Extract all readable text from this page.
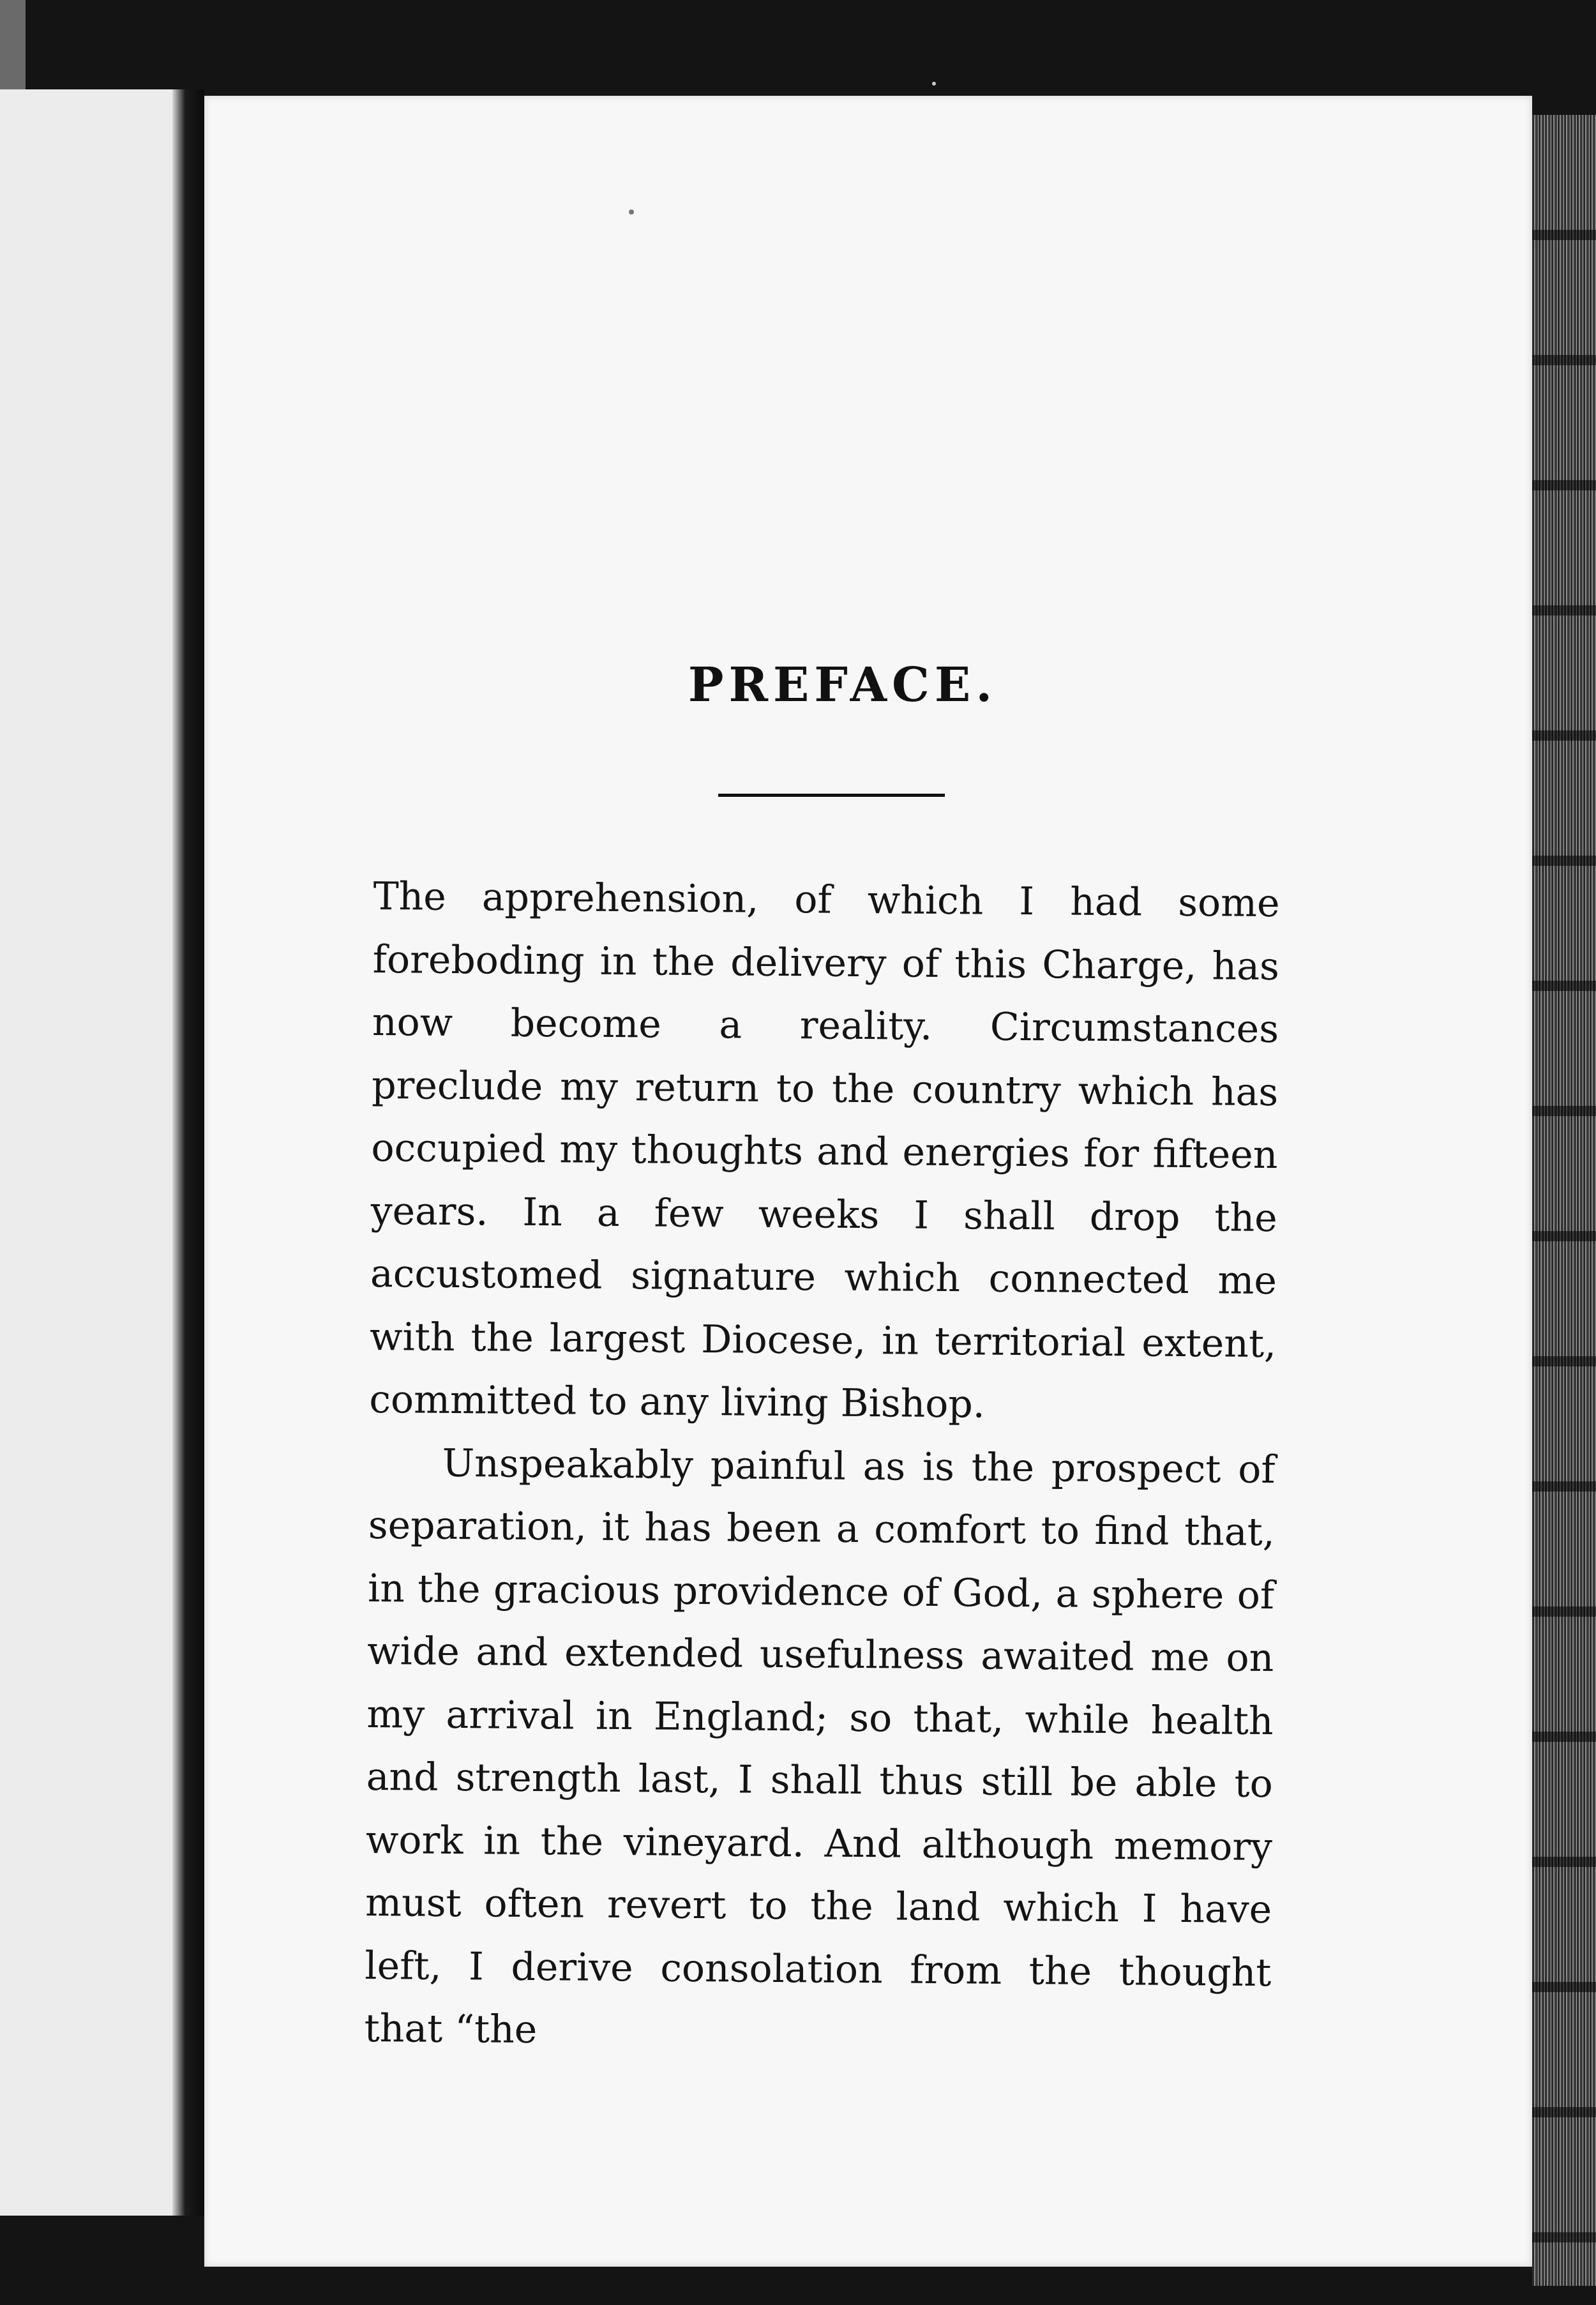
PREFACE.

The apprehension, of which I had some foreboding in the delivery of this Charge, has now become a reality. Circumstances preclude my return to the country which has occupied my thoughts and energies for fifteen years. In a few weeks I shall drop the accustomed signature which connected me with the largest Diocese, in territorial extent, committed to any living Bishop.

Unspeakably painful as is the prospect of separation, it has been a comfort to find that, in the gracious providence of God, a sphere of wide and extended usefulness awaited me on my arrival in England; so that, while health and strength last, I shall thus still be able to work in the vineyard. And although memory must often revert to the land which I have left, I derive consolation from the thought that “the
